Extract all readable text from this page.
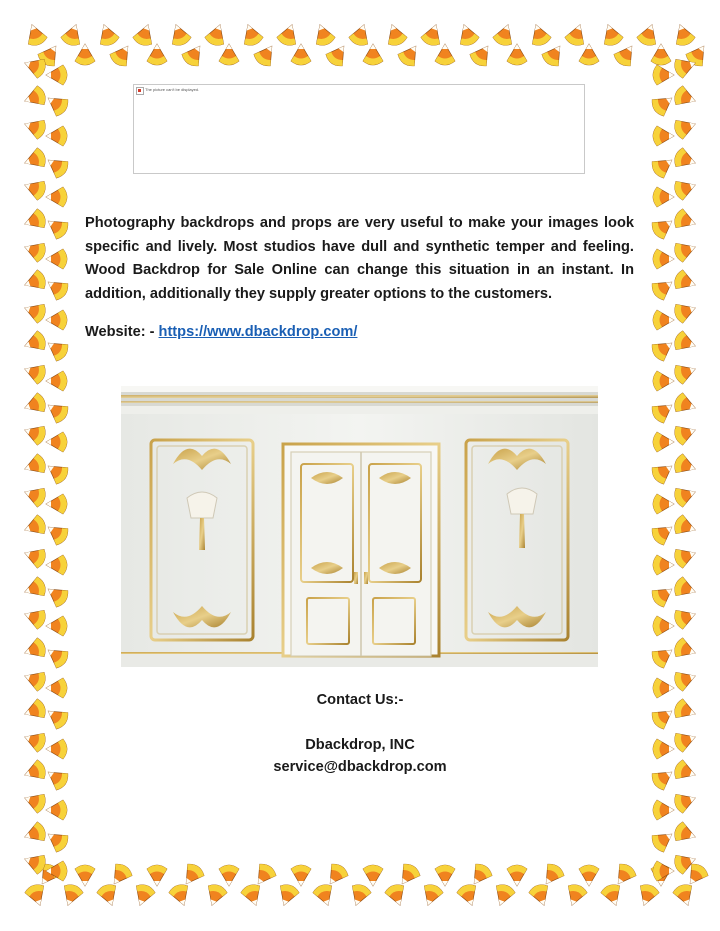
The picture can't be displayed.
Photography backdrops and props are very useful to make your images look specific and lively. Most studios have dull and synthetic temper and feeling. Wood Backdrop for Sale Online can change this situation in an instant. In addition, additionally they supply greater options to the customers.
Website: - https://www.dbackdrop.com/
Contact Us:-
Dbackdrop, INC
service@dbackdrop.com
